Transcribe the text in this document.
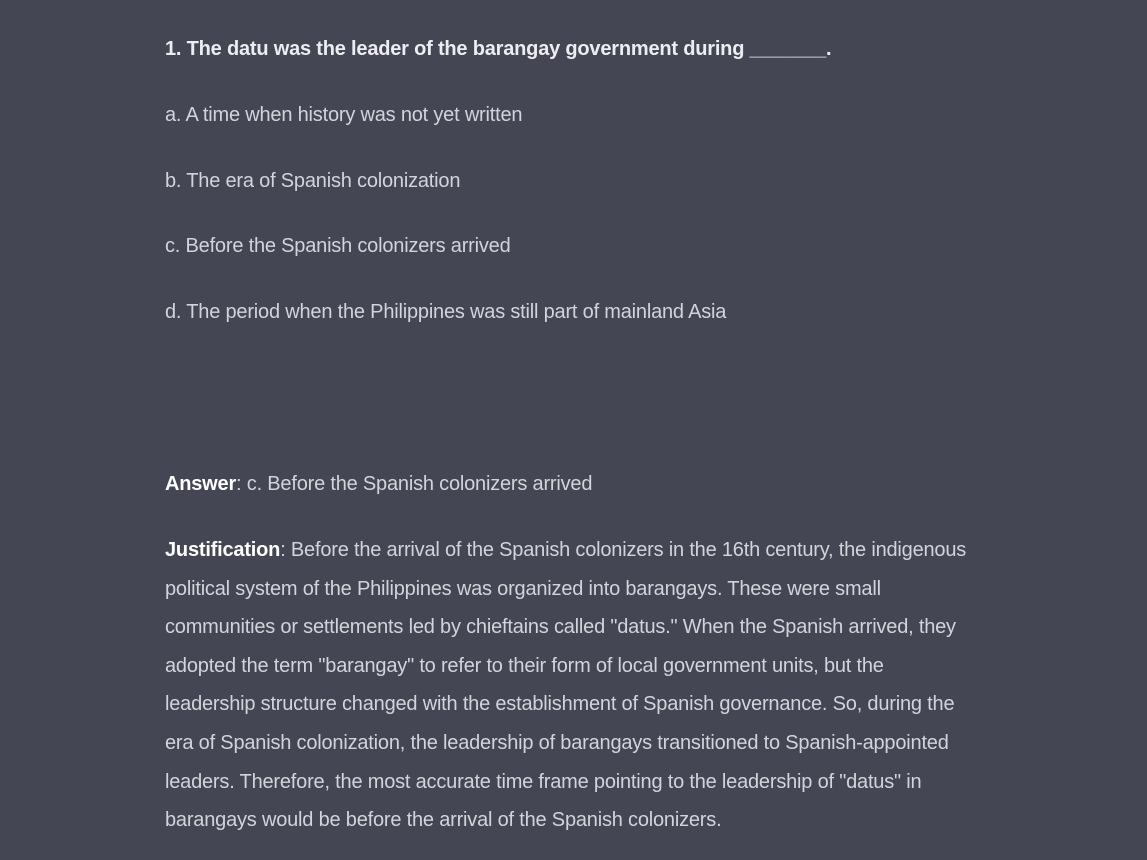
1. The datu was the leader of the barangay government during _______.
a. A time when history was not yet written
b. The era of Spanish colonization
c. Before the Spanish colonizers arrived
d. The period when the Philippines was still part of mainland Asia
Answer: c. Before the Spanish colonizers arrived
Justification: Before the arrival of the Spanish colonizers in the 16th century, the indigenous
political system of the Philippines was organized into barangays. These were small
communities or settlements led by chieftains called "datus." When the Spanish arrived, they
adopted the term "barangay" to refer to their form of local government units, but the
leadership structure changed with the establishment of Spanish governance. So, during the
era of Spanish colonization, the leadership of barangays transitioned to Spanish-appointed
leaders. Therefore, the most accurate time frame pointing to the leadership of "datus" in
barangays would be before the arrival of the Spanish colonizers.
